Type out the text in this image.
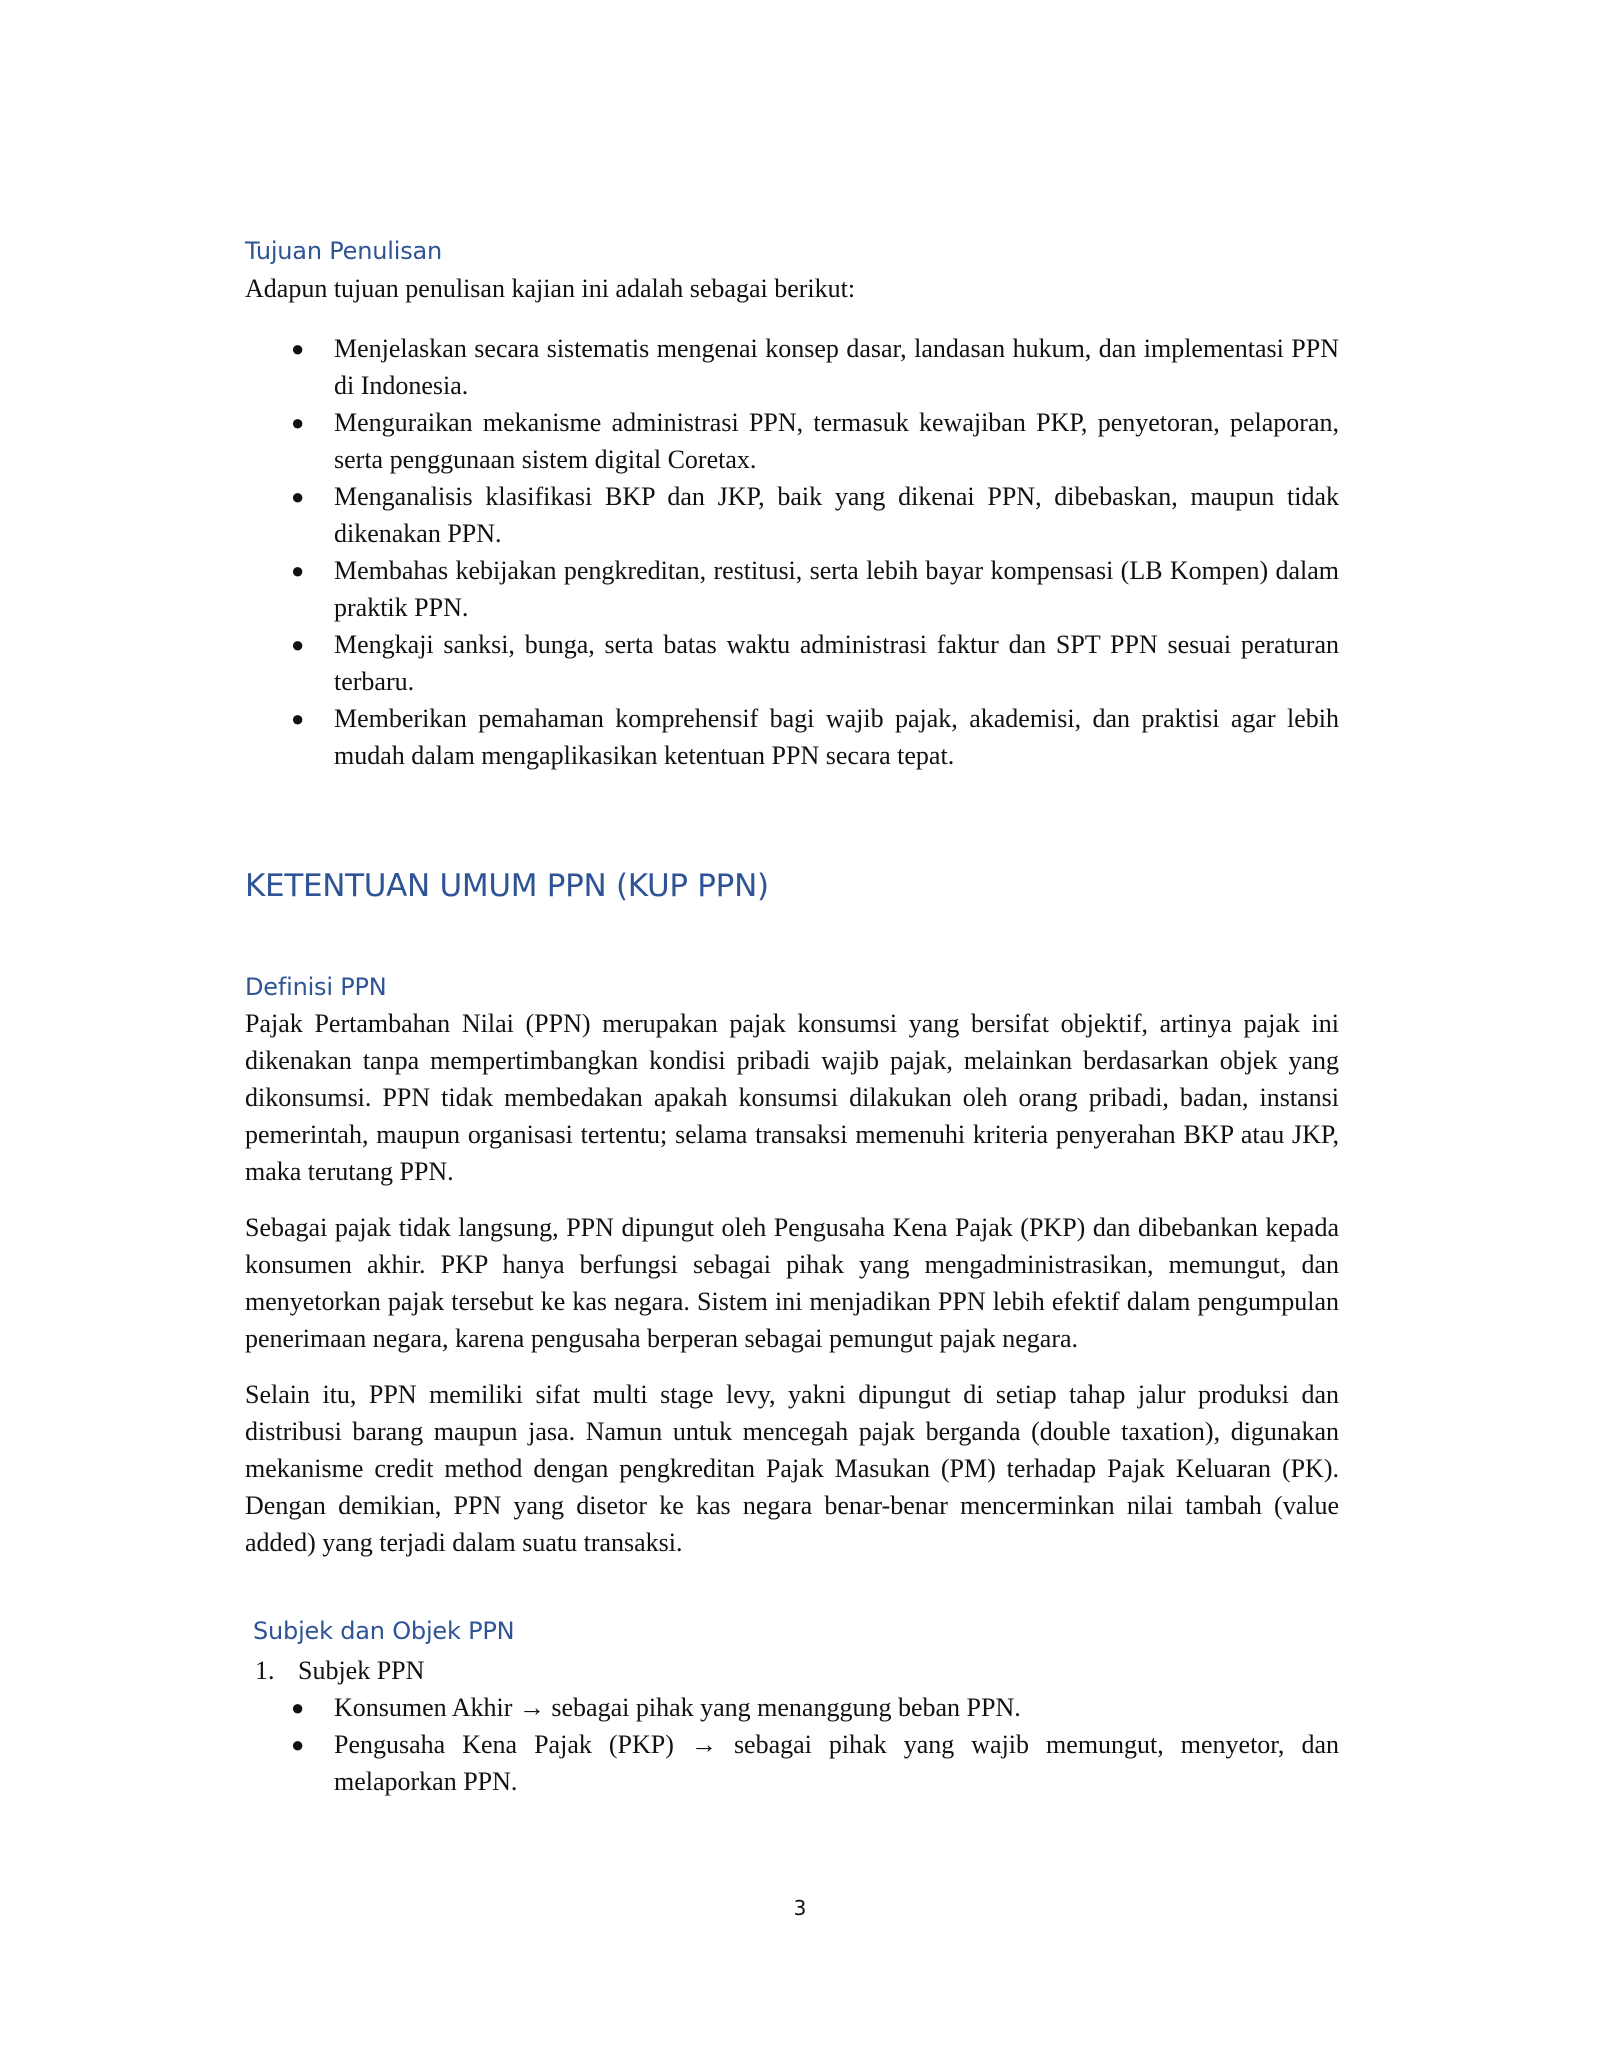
Tujuan Penulisan

Adapun tujuan penulisan kajian ini adalah sebagai berikut:

● Menjelaskan secara sistematis mengenai konsep dasar, landasan hukum, dan implementasi PPN di Indonesia.
● Menguraikan mekanisme administrasi PPN, termasuk kewajiban PKP, penyetoran, pelaporan, serta penggunaan sistem digital Coretax.
● Menganalisis klasifikasi BKP dan JKP, baik yang dikenai PPN, dibebaskan, maupun tidak dikenakan PPN.
● Membahas kebijakan pengkreditan, restitusi, serta lebih bayar kompensasi (LB Kompen) dalam praktik PPN.
● Mengkaji sanksi, bunga, serta batas waktu administrasi faktur dan SPT PPN sesuai peraturan terbaru.
● Memberikan pemahaman komprehensif bagi wajib pajak, akademisi, dan praktisi agar lebih mudah dalam mengaplikasikan ketentuan PPN secara tepat.
KETENTUAN UMUM PPN (KUP PPN)
Definisi PPN

Pajak Pertambahan Nilai (PPN) merupakan pajak konsumsi yang bersifat objektif, artinya pajak ini dikenakan tanpa mempertimbangkan kondisi pribadi wajib pajak, melainkan berdasarkan objek yang dikonsumsi. PPN tidak membedakan apakah konsumsi dilakukan oleh orang pribadi, badan, instansi pemerintah, maupun organisasi tertentu; selama transaksi memenuhi kriteria penyerahan BKP atau JKP, maka terutang PPN.

Sebagai pajak tidak langsung, PPN dipungut oleh Pengusaha Kena Pajak (PKP) dan dibebankan kepada konsumen akhir. PKP hanya berfungsi sebagai pihak yang mengadministrasikan, memungut, dan menyetorkan pajak tersebut ke kas negara. Sistem ini menjadikan PPN lebih efektif dalam pengumpulan penerimaan negara, karena pengusaha berperan sebagai pemungut pajak negara.

Selain itu, PPN memiliki sifat multi stage levy, yakni dipungut di setiap tahap jalur produksi dan distribusi barang maupun jasa. Namun untuk mencegah pajak berganda (double taxation), digunakan mekanisme credit method dengan pengkreditan Pajak Masukan (PM) terhadap Pajak Keluaran (PK). Dengan demikian, PPN yang disetor ke kas negara benar-benar mencerminkan nilai tambah (value added) yang terjadi dalam suatu transaksi.

Subjek dan Objek PPN
1. Subjek PPN
● Konsumen Akhir → sebagai pihak yang menanggung beban PPN.
● Pengusaha Kena Pajak (PKP) → sebagai pihak yang wajib memungut, menyetor, dan melaporkan PPN.
3
